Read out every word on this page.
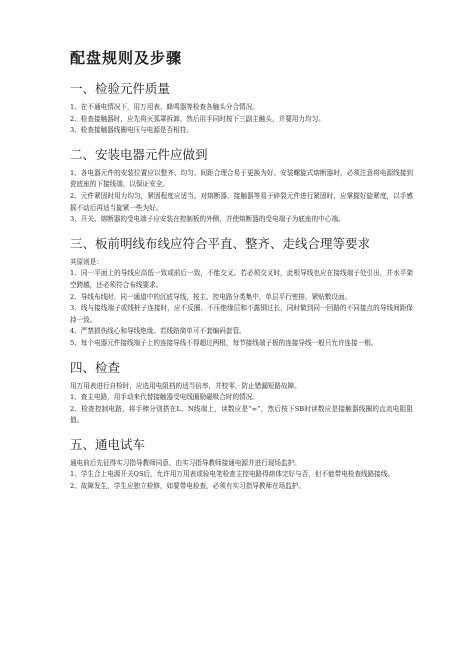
配盘规则及步骤
一、检验元件质量

1、在不通电情况下，用万用表、蜂鸣器等检查各触头分合情况。

2、检查接触器时，应先将灭弧罩拆卸，然后用手同时按下三副主触头，并要用力均匀。

3、检查接触器线圈电压与电源是否相符。

二、安装电器元件应做到

1、各电器元件的安装位置应以整齐、均匀、间距合理合易于更换为好。安装螺旋式熔断器时，必须注意将电源线接到瓷底座的下接线端，以保证安全。

2、元件紧固时用力均匀，紧固程度应适当。对熔断器、接触器等易于碎裂元件进行紧固时，应掌握好旋紧度，以手感摇不动后再适当旋紧一些为好。

3、开关、熔断器的受电端子应安装在控制板的外侧，并使熔断器的受电端子为底座的中心端。

三、板前明线布线应符合平直、整齐、走线合理等要求

其原则是：

1、同一平面上的导线应高低一致或前后一致，不能交叉。若必须交叉时，此根导线也应在接线端子处引出，并水平架空跨越，还必须符合布线要求。

2、导线布线时，同一通道中的沉底导线，按主、控电路分类集中，单层平行密排，紧贴敷设面。

3、线与接线端子或线桩子连接时，应不反圈、不压绝缘层和不露铜过长，同时做到同一回路的不同接点的导线间距保持一致。

4、严禁损伤线心和导线绝缘。若线路简单可不套编码套管。

5、每个电器元件接线端子上的连接导线不得超过两根，每节接线端子板的连接导线一般只允许连接一根。

四、检查

用万用表进行自检时，应选用电阻档的适当倍率，并校零，防止错漏短路故障。

1、查主电路，用手动来代替接触器受电线圈励磁吸合时的情况。

2、检查控制电路，将手棒分别搭在L、N线端上，读数应是“∞”，然后按下SB时读数应是接触器线圈的直流电阻阻值。

五、通电试车

通电前后先征得实习指导教师同意，由实习指导教师接通电源并进行现场监护。

1、学生合上电源开关QS后，允许用万用表或验电笔检查主控电路得熔体完好与否，但不能带电检查线路接线。

2、故障发生，学生应独立检修，如要带电检查，必须有实习指导教师在场监护。
